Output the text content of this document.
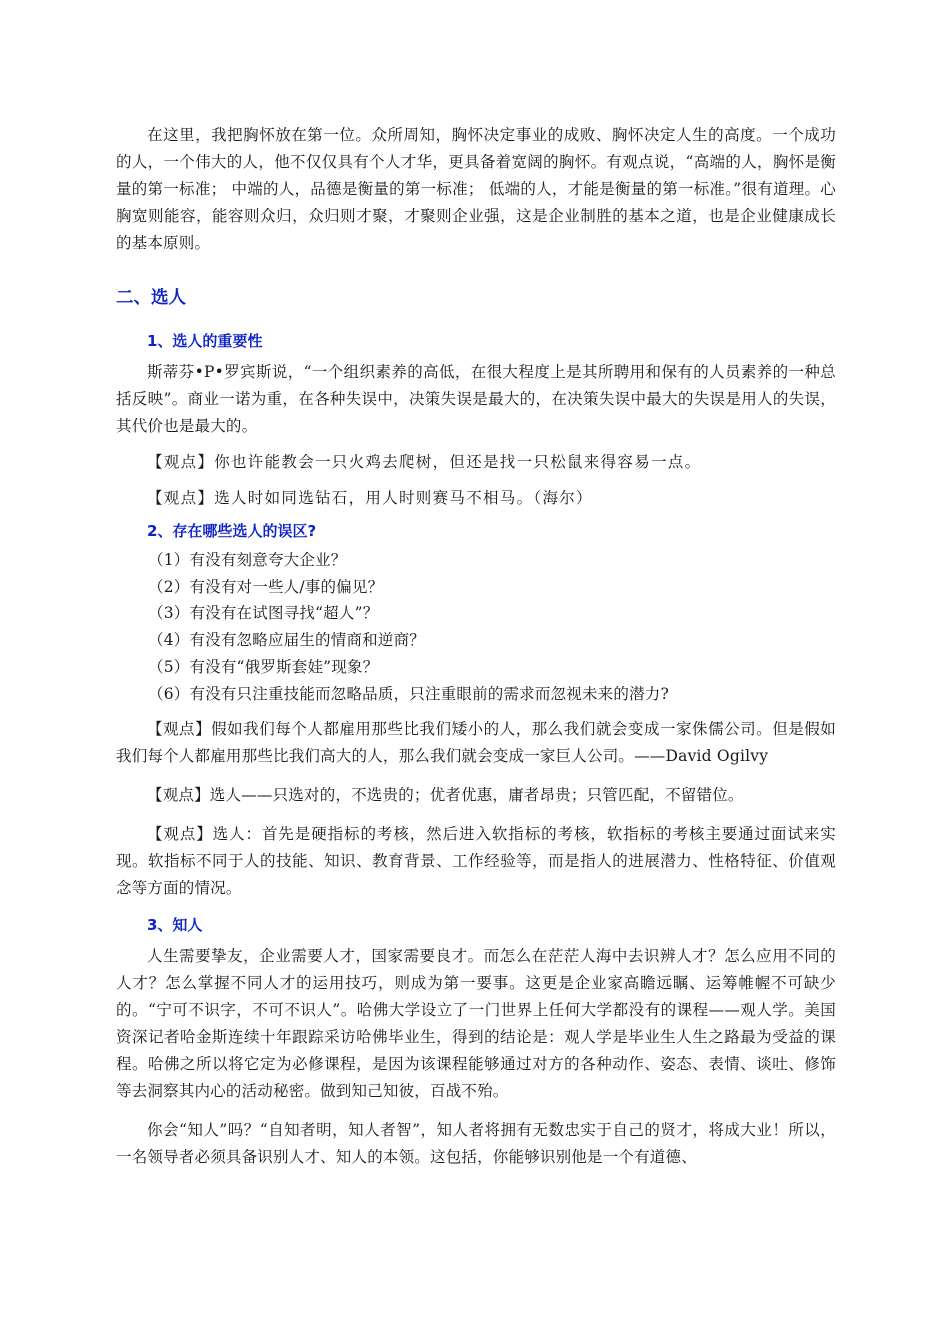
在这里，我把胸怀放在第一位。众所周知，胸怀决定事业的成败、胸怀决定人生的高度。一个成功的人，一个伟大的人，他不仅仅具有个人才华，更具备着宽阔的胸怀。有观点说，“高端的人，胸怀是衡量的第一标准； 中端的人，品德是衡量的第一标准； 低端的人，才能是衡量的第一标准。”很有道理。心胸宽则能容，能容则众归，众归则才聚，才聚则企业强，这是企业制胜的基本之道，也是企业健康成长的基本原则。

二、选人
1、选人的重要性

斯蒂芬•P•罗宾斯说，“一个组织素养的高低，在很大程度上是其所聘用和保有的人员素养的一种总括反映”。商业一诺为重，在各种失误中，决策失误是最大的，在决策失误中最大的失误是用人的失误，其代价也是最大的。

【观点】你也许能教会一只火鸡去爬树，但还是找一只松鼠来得容易一点。

【观点】选人时如同选钻石，用人时则赛马不相马。（海尔）

2、存在哪些选人的误区?
（1）有没有刻意夸大企业？
（2）有没有对一些人/事的偏见？
（3）有没有在试图寻找“超人”？
（4）有没有忽略应届生的情商和逆商？
（5）有没有“俄罗斯套娃”现象？
（6）有没有只注重技能而忽略品质，只注重眼前的需求而忽视未来的潜力?

【观点】假如我们每个人都雇用那些比我们矮小的人，那么我们就会变成一家侏儒公司。但是假如我们每个人都雇用那些比我们高大的人，那么我们就会变成一家巨人公司。——David Ogilvy

【观点】选人——只选对的，不选贵的；优者优惠，庸者昂贵；只管匹配，不留错位。

【观点】选人：首先是硬指标的考核，然后进入软指标的考核，软指标的考核主要通过面试来实现。软指标不同于人的技能、知识、教育背景、工作经验等，而是指人的进展潜力、性格特征、价值观念等方面的情况。

3、知人

人生需要挚友，企业需要人才，国家需要良才。而怎么在茫茫人海中去识辨人才？怎么应用不同的人才？怎么掌握不同人才的运用技巧，则成为第一要事。这更是企业家高瞻远瞩、运筹帷幄不可缺少的。“宁可不识字，不可不识人”。哈佛大学设立了一门世界上任何大学都没有的课程——观人学。美国资深记者哈金斯连续十年跟踪采访哈佛毕业生，得到的结论是：观人学是毕业生人生之路最为受益的课程。哈佛之所以将它定为必修课程，是因为该课程能够通过对方的各种动作、姿态、表情、谈吐、修饰等去洞察其内心的活动秘密。做到知己知彼，百战不殆。

你会“知人”吗？“自知者明，知人者智”，知人者将拥有无数忠实于自己的贤才，将成大业！所以，一名领导者必须具备识别人才、知人的本领。这包括，你能够识别他是一个有道德、
